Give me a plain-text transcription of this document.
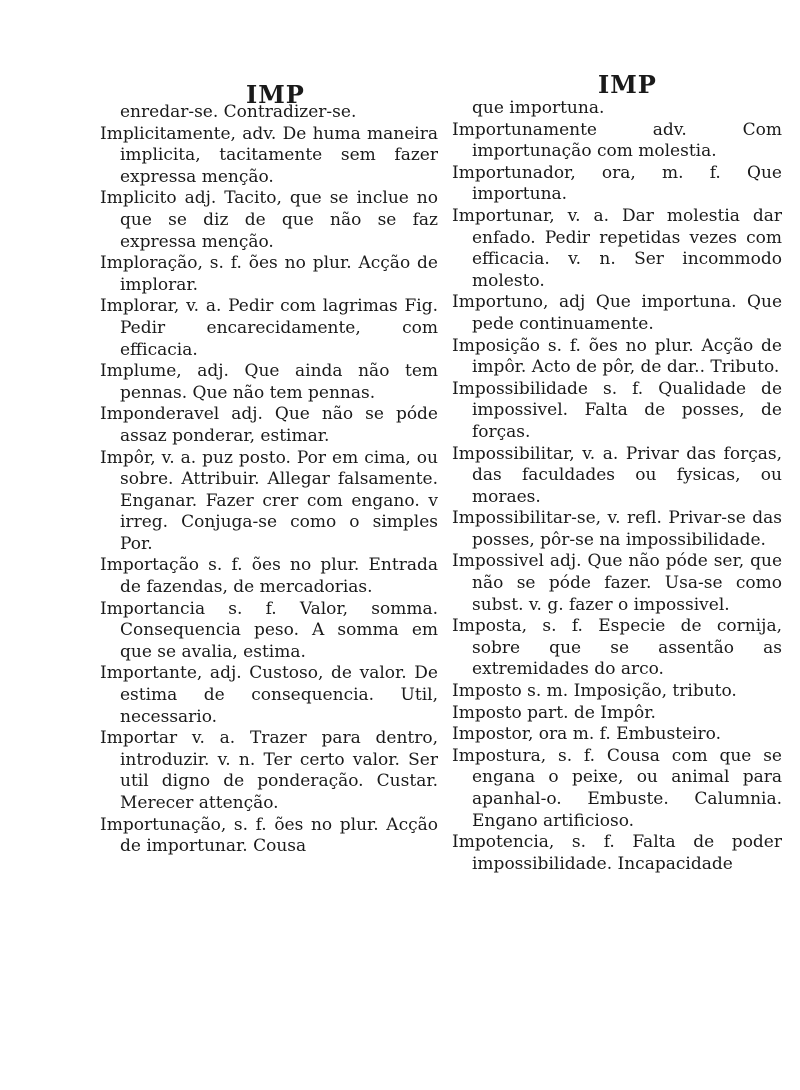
IMP

enredar-se. Contradizer-se.

Implicitamente, adv. De huma maneira implicita, tacitamente sem fazer expressa menção.

Implicito adj. Tacito, que se inclue no que se diz de que não se faz expressa menção.

Imploração, s. f. ões no plur. Acção de implorar.

Implorar, v. a. Pedir com lagrimas Fig. Pedir encarecidamente, com efficacia.

Implume, adj. Que ainda não tem pennas. Que não tem pennas.

Imponderavel adj. Que não se póde assaz ponderar, estimar.

Impôr, v. a. puz posto. Por em cima, ou sobre. Attribuir. Allegar falsamente. Enganar. Fazer crer com engano. v irreg. Conjuga-se como o simples Por.

Importação s. f. ões no plur. Entrada de fazendas, de mercadorias.

Importancia s. f. Valor, somma. Consequencia peso. A somma em que se avalia, estima.

Importante, adj. Custoso, de valor. De estima de consequencia. Util, necessario.

Importar v. a. Trazer para dentro, introduzir. v. n. Ter certo valor. Ser util digno de ponderação. Custar. Merecer attenção.

Importunação, s. f. ões no plur. Acção de importunar. Cousa

IMP

que importuna.

Importunamente adv. Com importunação com molestia.

Importunador, ora, m. f. Que importuna.

Importunar, v. a. Dar molestia dar enfado. Pedir repetidas vezes com efficacia. v. n. Ser incommodo molesto.

Importuno, adj Que importuna. Que pede continuamente.

Imposição s. f. ões no plur. Acção de impôr. Acto de pôr, de dar.. Tributo.

Impossibilidade s. f. Qualidade de impossivel. Falta de posses, de forças.

Impossibilitar, v. a. Privar das forças, das faculdades ou fysicas, ou moraes.

Impossibilitar-se, v. refl. Privar-se das posses, pôr-se na impossibilidade.

Impossivel adj. Que não póde ser, que não se póde fazer. Usa-se como subst. v. g. fazer o impossivel.

Imposta, s. f. Especie de cornija, sobre que se assentão as extremidades do arco.

Imposto s. m. Imposição, tributo.

Imposto part. de Impôr.

Impostor, ora m. f. Embusteiro.

Impostura, s. f. Cousa com que se engana o peixe, ou animal para apanhal-o. Embuste. Calumnia. Engano artificioso.

Impotencia, s. f. Falta de poder impossibilidade. Incapacidade
